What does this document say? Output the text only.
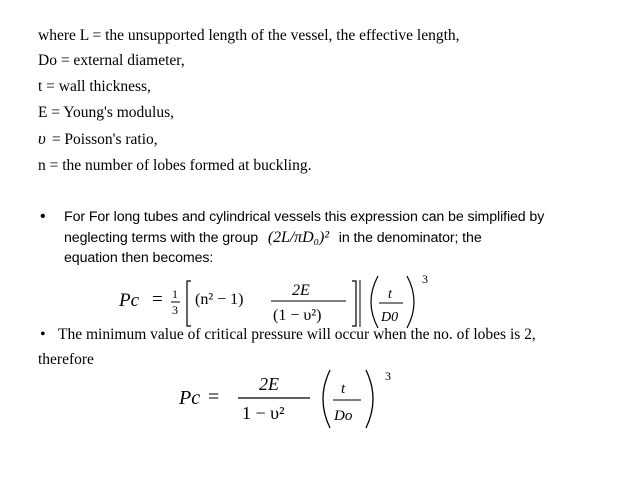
where L = the unsupported length of the vessel, the effective length,
Do = external diameter,
t = wall thickness,
E = Young's modulus,
υ = Poisson's ratio,
n = the number of lobes formed at buckling.
• For For long tubes and cylindrical vessels this expression can be simplified by
neglecting terms with the group (2L/πD₀)² in the denominator; the
equation then becomes:
Pc = 1
3
(n² − 1)
2E
(1 − υ²)
t
D0
3
• The minimum value of critical pressure will occur when the no. of lobes is 2,
therefore
Pc =
2E
1 − υ²
t
Do
3
